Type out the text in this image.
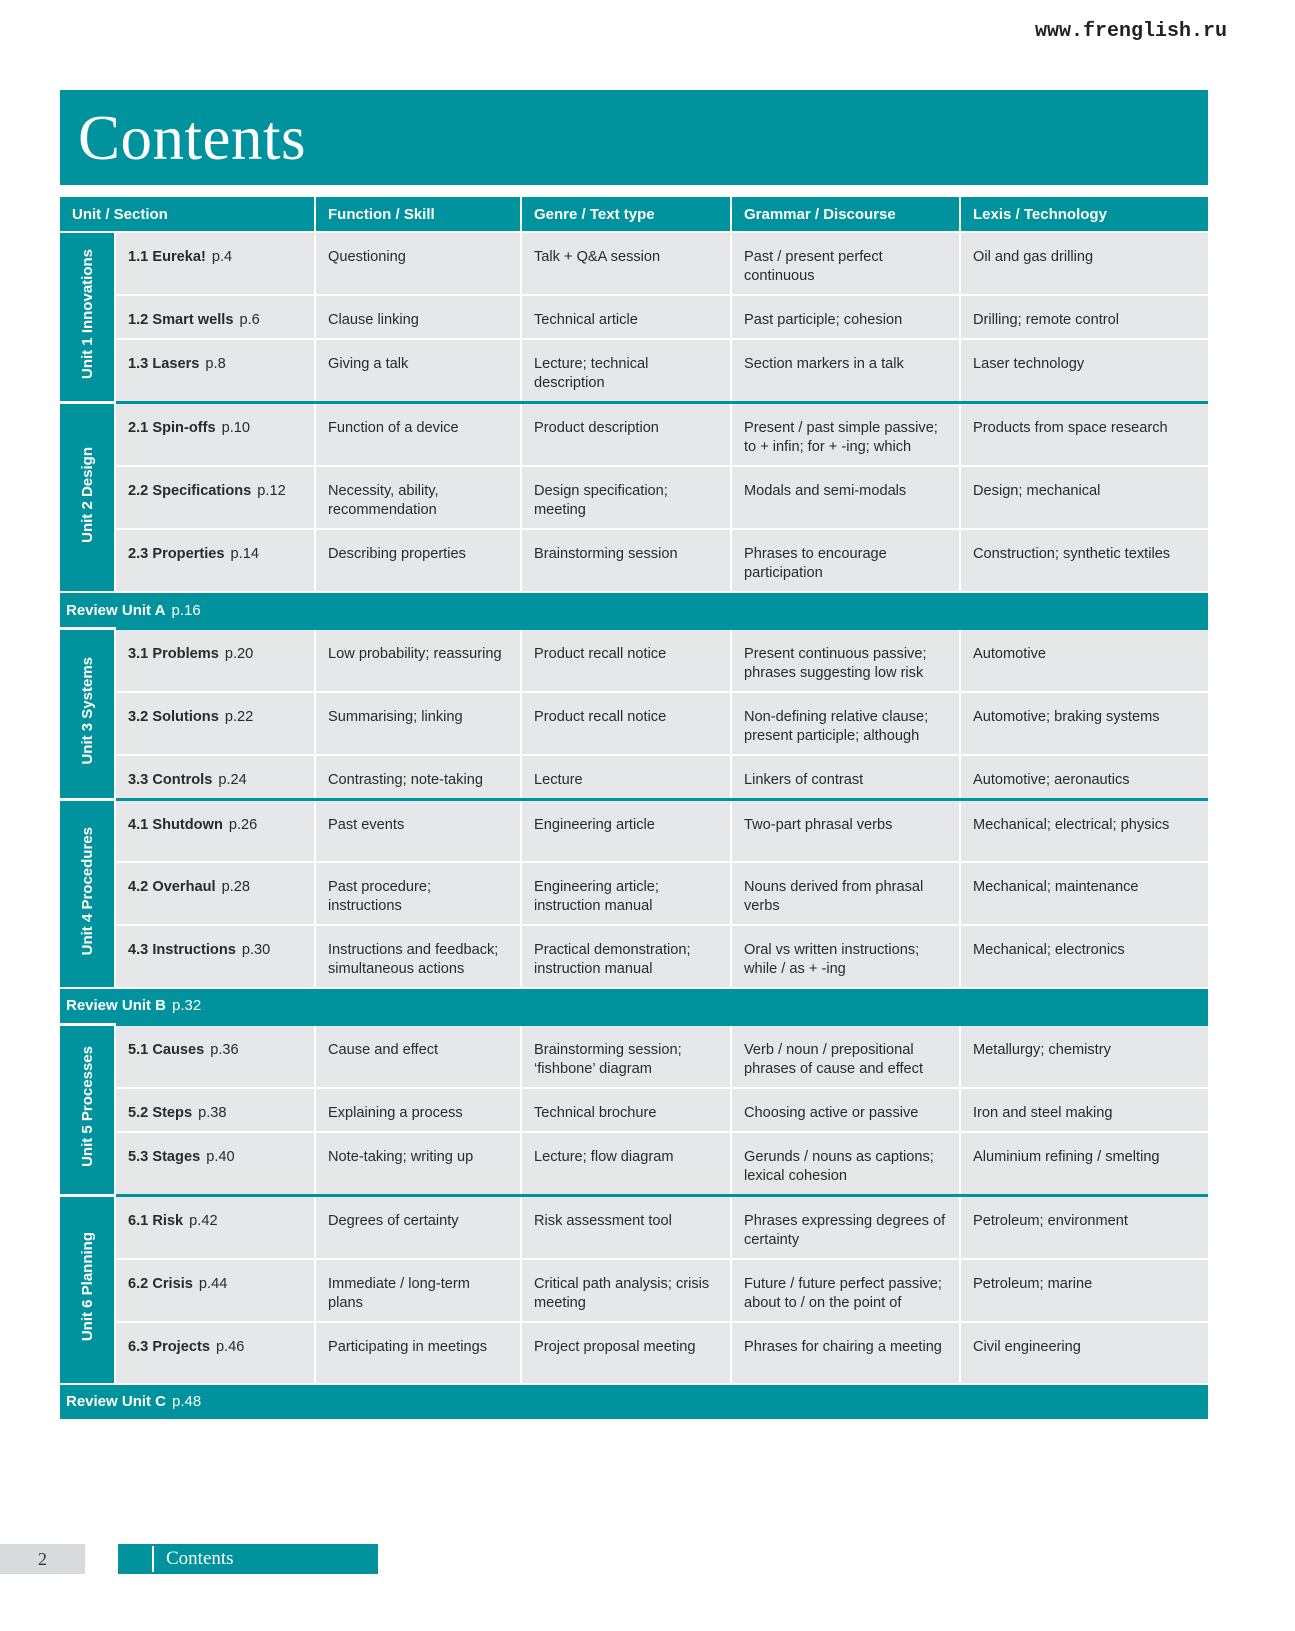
www.frenglish.ru
Contents
Unit / Section		Function / Skill	Genre / Text type	Grammar / Discourse	Lexis / Technology
Unit 1 Innovations	1.1 Eureka! p.4	Questioning	Talk + Q&A session	Past / present perfect continuous	Oil and gas drilling
	1.2 Smart wells p.6	Clause linking	Technical article	Past participle; cohesion	Drilling; remote control
	1.3 Lasers p.8	Giving a talk	Lecture; technical description	Section markers in a talk	Laser technology
Unit 2 Design	2.1 Spin-offs p.10	Function of a device	Product description	Present / past simple passive; to + infin; for + -ing; which	Products from space research
	2.2 Specifications p.12	Necessity, ability, recommendation	Design specification; meeting	Modals and semi-modals	Design; mechanical
	2.3 Properties p.14	Describing properties	Brainstorming session	Phrases to encourage participation	Construction; synthetic textiles
Review Unit A p.16					
Unit 3 Systems	3.1 Problems p.20	Low probability; reassuring	Product recall notice	Present continuous passive; phrases suggesting low risk	Automotive
	3.2 Solutions p.22	Summarising; linking	Product recall notice	Non-defining relative clause; present participle; although	Automotive; braking systems
	3.3 Controls p.24	Contrasting; note-taking	Lecture	Linkers of contrast	Automotive; aeronautics
Unit 4 Procedures	4.1 Shutdown p.26	Past events	Engineering article	Two-part phrasal verbs	Mechanical; electrical; physics
	4.2 Overhaul p.28	Past procedure; instructions	Engineering article; instruction manual	Nouns derived from phrasal verbs	Mechanical; maintenance
	4.3 Instructions p.30	Instructions and feedback; simultaneous actions	Practical demonstration; instruction manual	Oral vs written instructions; while / as + -ing	Mechanical; electronics
Review Unit B p.32					
Unit 5 Processes	5.1 Causes p.36	Cause and effect	Brainstorming session; ‘fishbone’ diagram	Verb / noun / prepositional phrases of cause and effect	Metallurgy; chemistry
	5.2 Steps p.38	Explaining a process	Technical brochure	Choosing active or passive	Iron and steel making
	5.3 Stages p.40	Note-taking; writing up	Lecture; flow diagram	Gerunds / nouns as captions; lexical cohesion	Aluminium refining / smelting
Unit 6 Planning	6.1 Risk p.42	Degrees of certainty	Risk assessment tool	Phrases expressing degrees of certainty	Petroleum; environment
	6.2 Crisis p.44	Immediate / long-term plans	Critical path analysis; crisis meeting	Future / future perfect passive; about to / on the point of	Petroleum; marine
	6.3 Projects p.46	Participating in meetings	Project proposal meeting	Phrases for chairing a meeting	Civil engineering
Review Unit C p.48					
2	Contents
